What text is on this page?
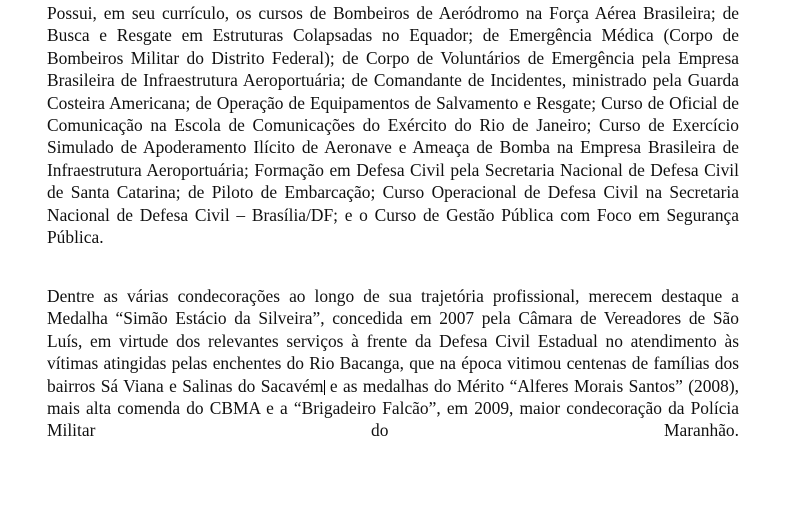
Possui, em seu currículo, os cursos de Bombeiros de Aeródromo na Força Aérea Brasileira; de Busca e Resgate em Estruturas Colapsadas no Equador; de Emergência Médica (Corpo de Bombeiros Militar do Distrito Federal); de Corpo de Voluntários de Emergência pela Empresa Brasileira de Infraestrutura Aeroportuária; de Comandante de Incidentes, ministrado pela Guarda Costeira Americana; de Operação de Equipamentos de Salvamento e Resgate; Curso de Oficial de Comunicação na Escola de Comunicações do Exército do Rio de Janeiro; Curso de Exercício Simulado de Apoderamento Ilícito de Aeronave e Ameaça de Bomba na Empresa Brasileira de Infraestrutura Aeroportuária; Formação em Defesa Civil pela Secretaria Nacional de Defesa Civil de Santa Catarina; de Piloto de Embarcação; Curso Operacional de Defesa Civil na Secretaria Nacional de Defesa Civil – Brasília/DF; e o Curso de Gestão Pública com Foco em Segurança Pública.

Dentre as várias condecorações ao longo de sua trajetória profissional, merecem destaque a Medalha “Simão Estácio da Silveira”, concedida em 2007 pela Câmara de Vereadores de São Luís, em virtude dos relevantes serviços à frente da Defesa Civil Estadual no atendimento às vítimas atingidas pelas enchentes do Rio Bacanga, que na época vitimou centenas de famílias dos bairros Sá Viana e Salinas do Sacavém e as medalhas do Mérito “Alferes Morais Santos” (2008), mais alta comenda do CBMA e a “Brigadeiro Falcão”, em 2009, maior condecoração da Polícia Militar do Maranhão.
